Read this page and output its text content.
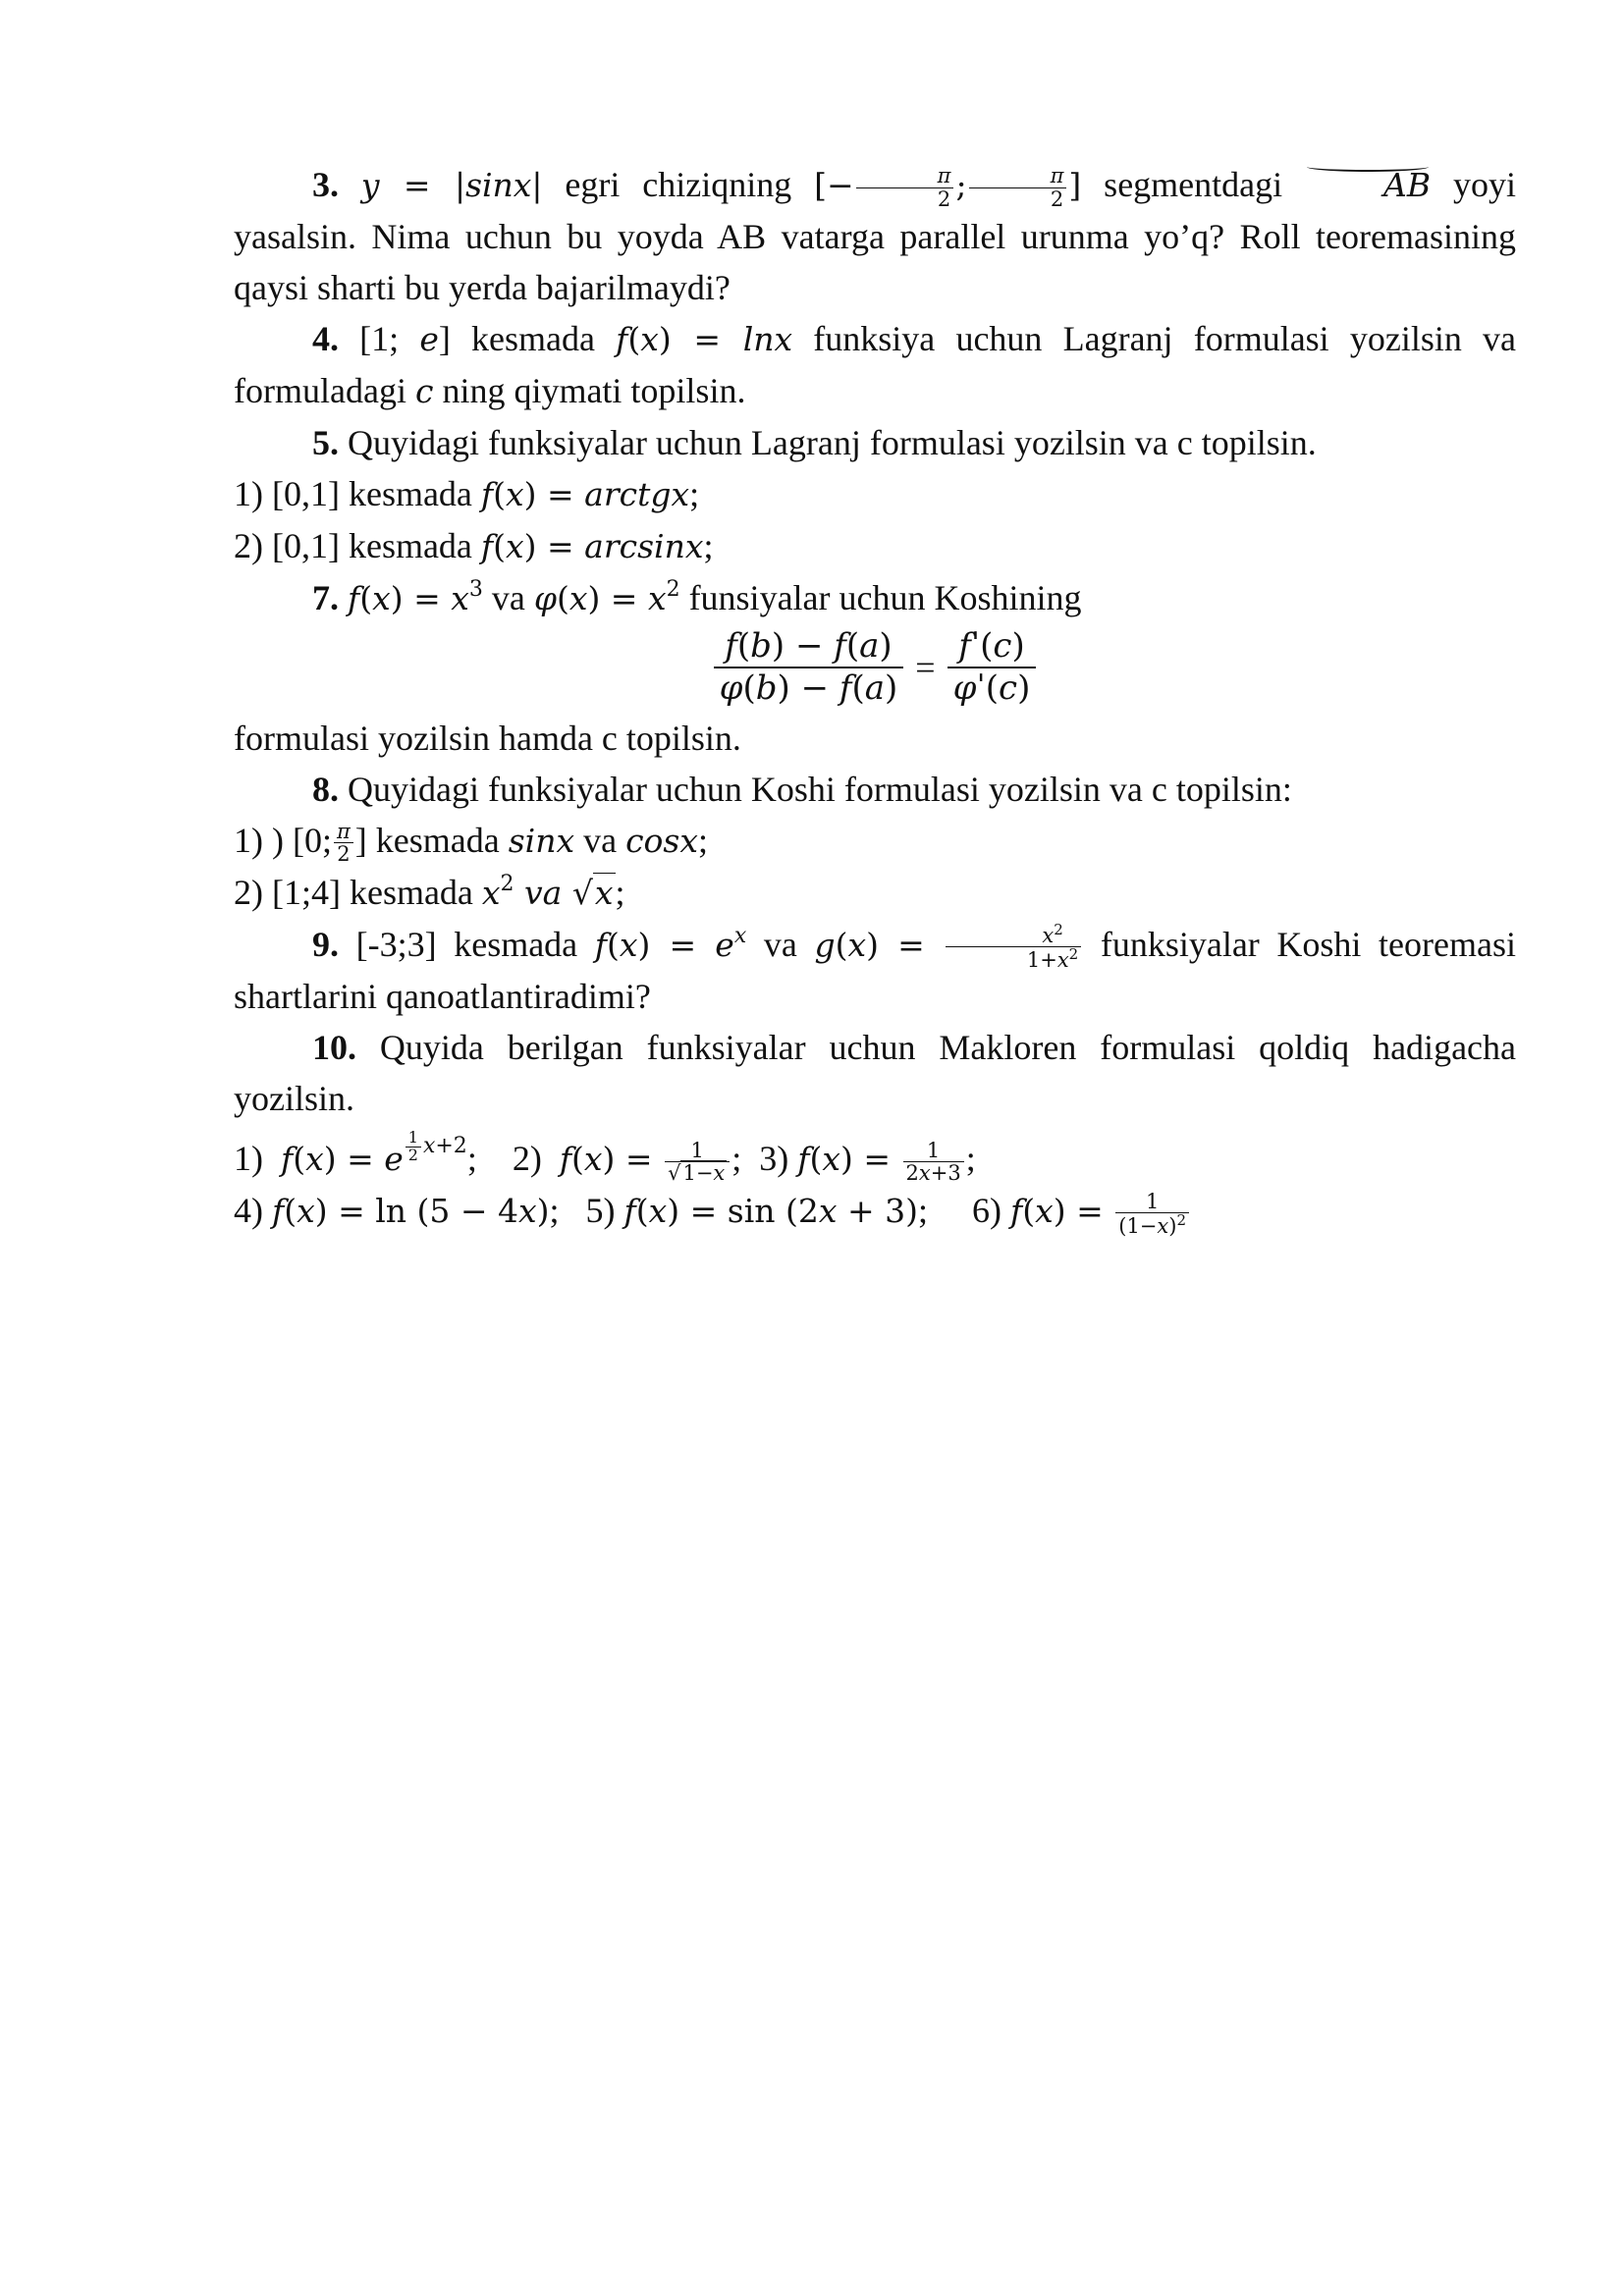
3. y = |sinx| egri chiziqning [− $\frac{\pi}{2}$ ; $\frac{\pi}{2}$ ] segmentdagi AB yoyi yasalsin. Nima uchun bu yoyda AB vatarga parallel urunma yo’q? Roll teoremasining qaysi sharti bu yerda bajarilmaydi?

4. [1; e] kesmada f(x) = lnx funksiya uchun Lagranj formulasi yozilsin va formuladagi c ning qiymati topilsin.

5. Quyidagi funksiyalar uchun Lagranj formulasi yozilsin va c topilsin.

1) [0,1] kesmada f(x) = arctgx;

2) [0,1] kesmada f(x) = arcsinx;

7. $f(x) = x^3$ va $\varphi(x) = x^2$ funsiyalar uchun Koshining

$\frac{f(b) - f(a)}{\varphi(b) - f(a)}$ =
fˈ(c)
φˈ(c)

formulasi yozilsin hamda c topilsin.

8. Quyidagi funksiyalar uchun Koshi formulasi yozilsin va c topilsin:

1) ) [0; $\frac{\pi}{2}$ ] kesmada sinx va cosx;

2) [1;4] kesmada $x^2$ va √x;

9. [-3;3] kesmada $f(x) = e^x$ va $g(x) = \frac{x^2}{1+x^2}$ funksiyalar Koshi teoremasi shartlarini qanoatlantiradimi?

10. Quyida berilgan funksiyalar uchun Makloren formulasi qoldiq hadigacha yozilsin.

1)  f(x) = e $^{\frac{1}{2} x+2}$; 2)  $f(x) = \frac{1}{√1-x}$ ; 3) $f(x) = \frac{1}{2x+3}$ ;

4) f(x) = ln (5 − 4x); 5) f(x) = sin (2x + 3); 6) $f(x) = \frac{1}{(1-x)^2}$
